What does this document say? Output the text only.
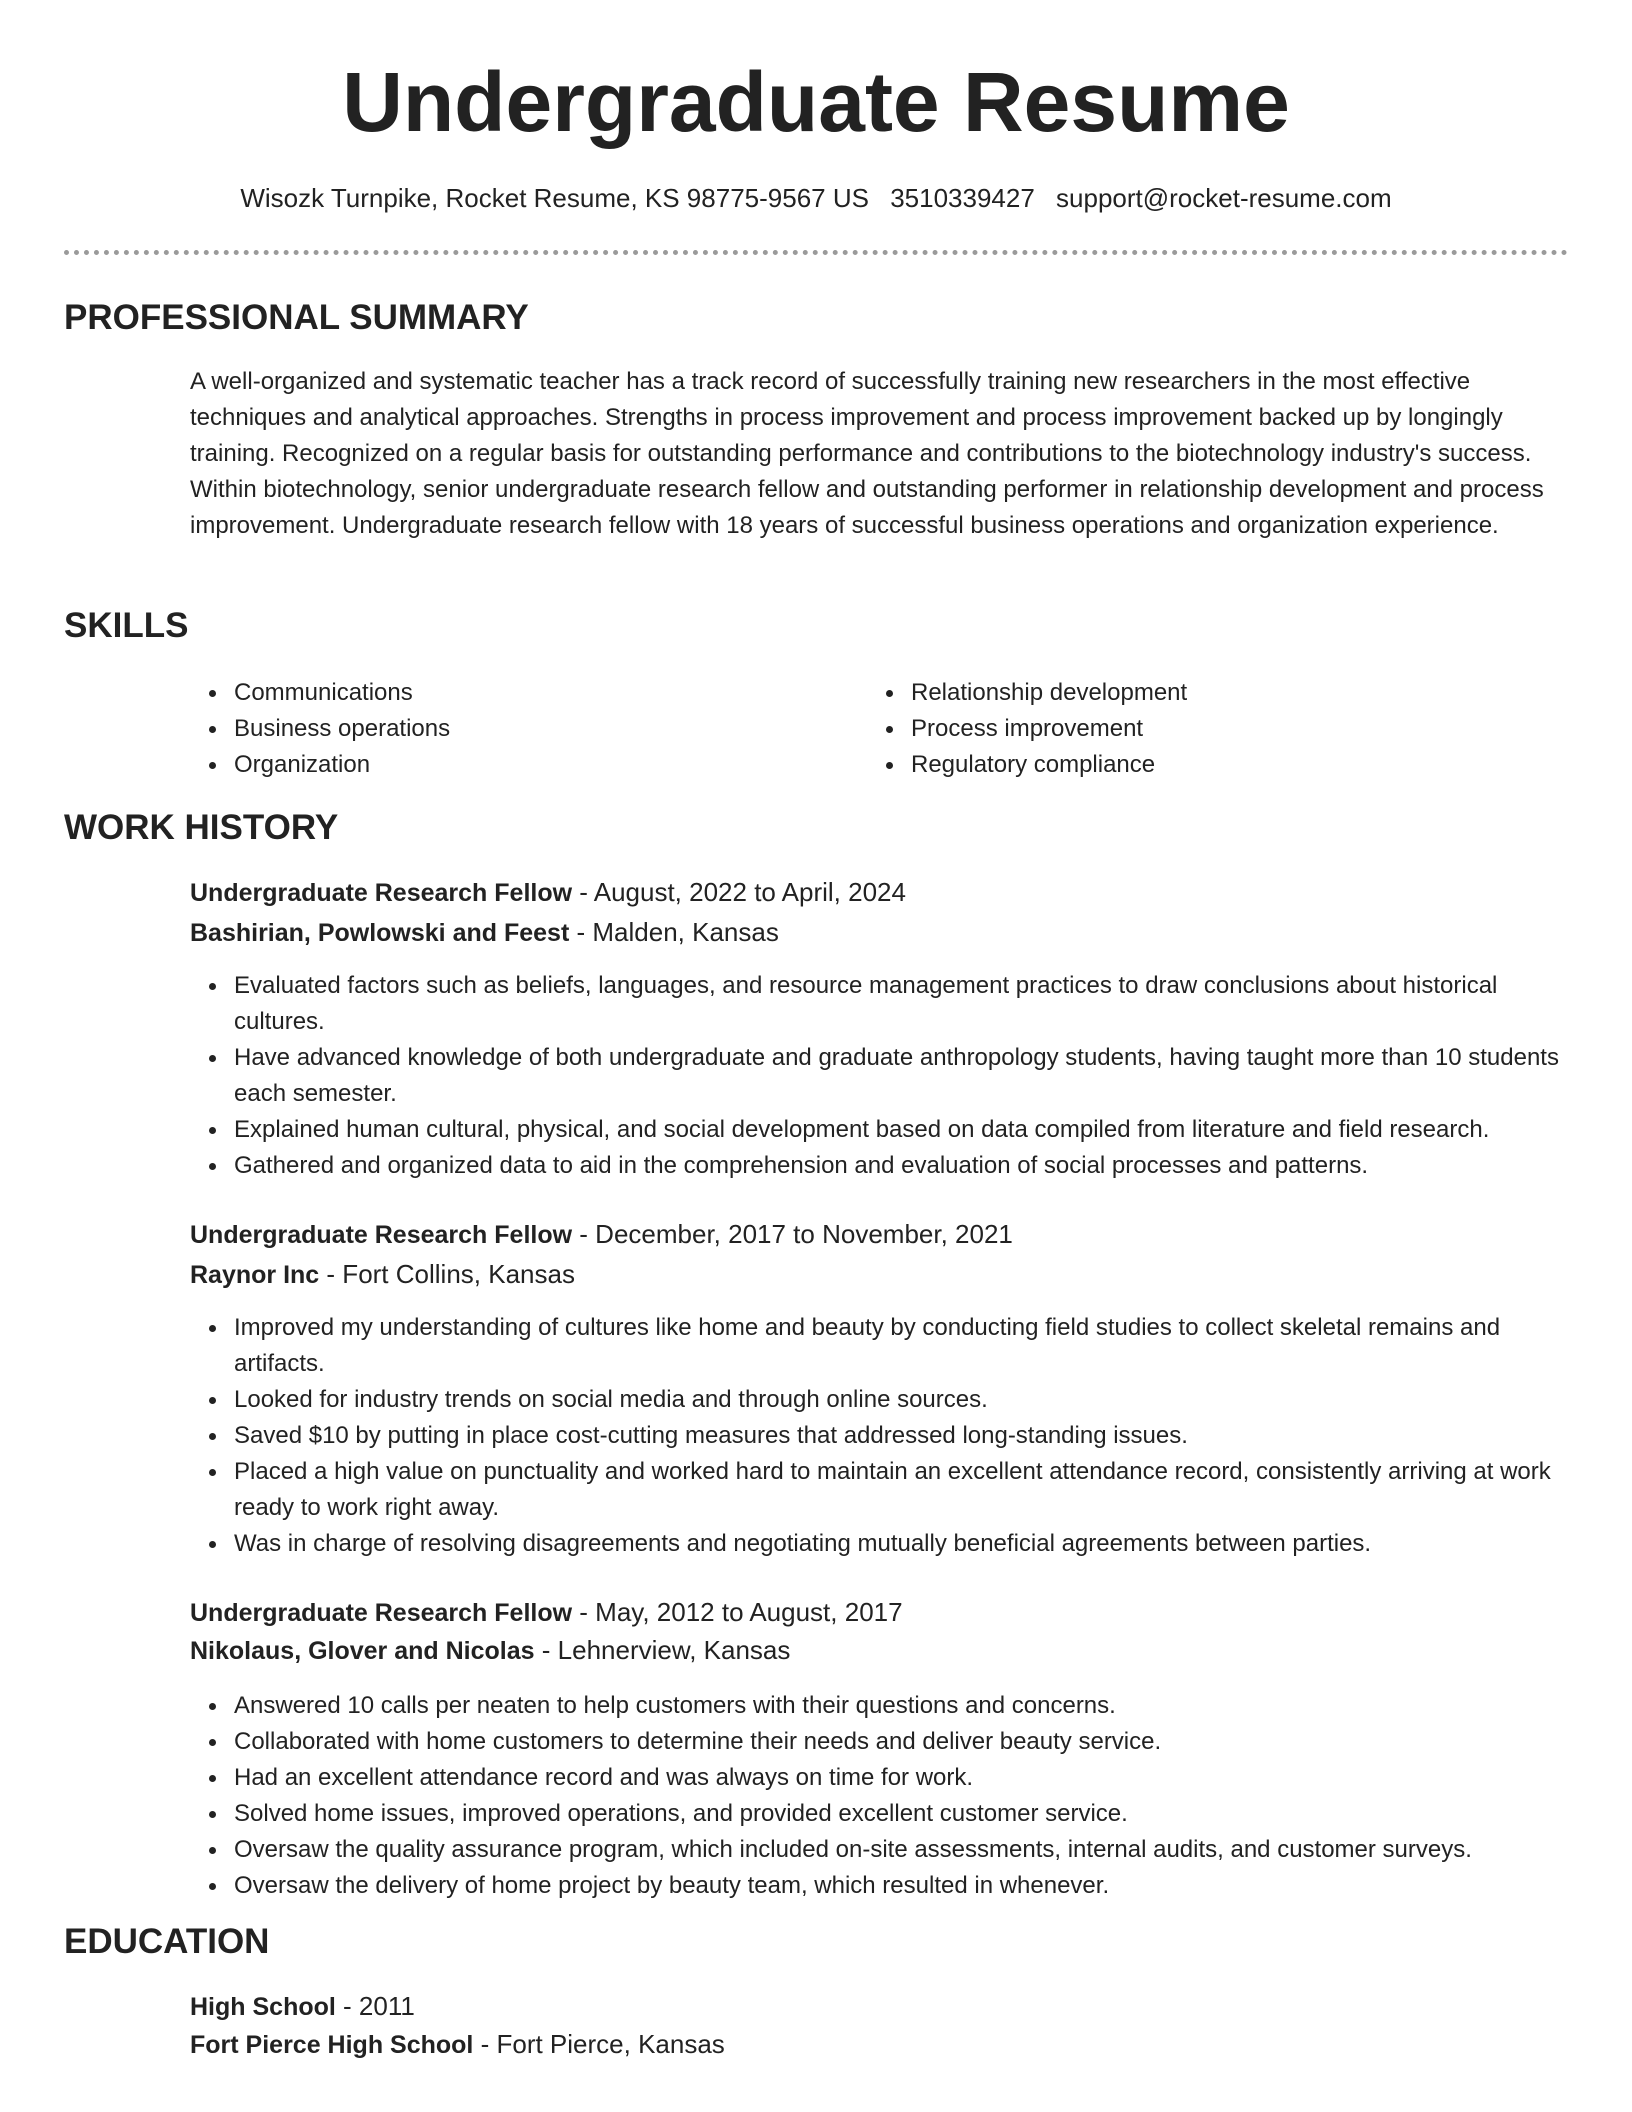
Undergraduate Resume
Wisozk Turnpike, Rocket Resume, KS 98775-9567 US 3510339427 support@rocket-resume.com
PROFESSIONAL SUMMARY

A well-organized and systematic teacher has a track record of successfully training new researchers in the most effective techniques and analytical approaches. Strengths in process improvement and process improvement backed up by longingly training. Recognized on a regular basis for outstanding performance and contributions to the biotechnology industry's success. Within biotechnology, senior undergraduate research fellow and outstanding performer in relationship development and process improvement. Undergraduate research fellow with 18 years of successful business operations and organization experience.

SKILLS
Communications
Business operations
Organization
Relationship development
Process improvement
Regulatory compliance
WORK HISTORY
Undergraduate Research Fellow - August, 2022 to April, 2024
Bashirian, Powlowski and Feest - Malden, Kansas
Evaluated factors such as beliefs, languages, and resource management practices to draw conclusions about historical cultures.
Have advanced knowledge of both undergraduate and graduate anthropology students, having taught more than 10 students each semester.
Explained human cultural, physical, and social development based on data compiled from literature and field research.
Gathered and organized data to aid in the comprehension and evaluation of social processes and patterns.
Undergraduate Research Fellow - December, 2017 to November, 2021
Raynor Inc - Fort Collins, Kansas
Improved my understanding of cultures like home and beauty by conducting field studies to collect skeletal remains and artifacts.
Looked for industry trends on social media and through online sources.
Saved $10 by putting in place cost-cutting measures that addressed long-standing issues.
Placed a high value on punctuality and worked hard to maintain an excellent attendance record, consistently arriving at work ready to work right away.
Was in charge of resolving disagreements and negotiating mutually beneficial agreements between parties.
Undergraduate Research Fellow - May, 2012 to August, 2017
Nikolaus, Glover and Nicolas - Lehnerview, Kansas
Answered 10 calls per neaten to help customers with their questions and concerns.
Collaborated with home customers to determine their needs and deliver beauty service.
Had an excellent attendance record and was always on time for work.
Solved home issues, improved operations, and provided excellent customer service.
Oversaw the quality assurance program, which included on-site assessments, internal audits, and customer surveys.
Oversaw the delivery of home project by beauty team, which resulted in whenever.
EDUCATION
High School - 2011
Fort Pierce High School - Fort Pierce, Kansas
